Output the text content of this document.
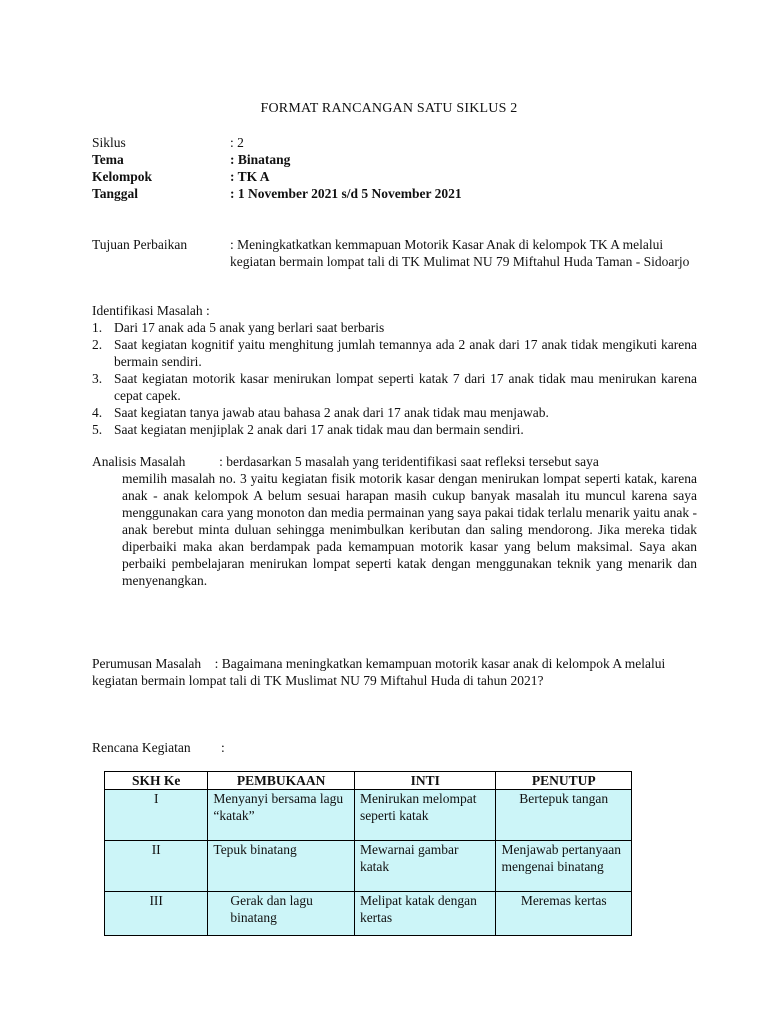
FORMAT RANCANGAN SATU SIKLUS 2
Siklus	: 2
Tema	: Binatang
Kelompok	: TK A
Tanggal	: 1 November 2021 s/d 5 November 2021
Tujuan Perbaikan	: Meningkatkatkan kemmapuan Motorik Kasar Anak di kelompok TK A melalui kegiatan bermain lompat tali di TK Mulimat NU 79 Miftahul Huda Taman - Sidoarjo
Identifikasi Masalah :
1. Dari 17 anak ada 5 anak yang berlari saat berbaris
2. Saat kegiatan kognitif yaitu menghitung jumlah temannya ada 2 anak dari 17 anak tidak mengikuti karena bermain sendiri.
3. Saat kegiatan motorik kasar menirukan lompat seperti katak 7 dari 17 anak tidak mau menirukan karena cepat capek.
4. Saat kegiatan tanya jawab atau bahasa 2 anak dari 17 anak tidak mau menjawab.
5. Saat kegiatan menjiplak 2 anak dari 17 anak tidak mau dan bermain sendiri.
Analisis Masalah	: berdasarkan 5 masalah yang teridentifikasi saat refleksi tersebut saya
memilih masalah no. 3 yaitu kegiatan fisik motorik kasar dengan menirukan lompat seperti katak, karena anak - anak kelompok A belum sesuai harapan masih cukup banyak masalah itu muncul karena saya menggunakan cara yang monoton dan media permainan yang saya pakai tidak terlalu menarik yaitu anak - anak berebut minta duluan sehingga menimbulkan keributan dan saling mendorong. Jika mereka tidak diperbaiki maka akan berdampak pada kemampuan motorik kasar yang belum maksimal. Saya akan perbaiki pembelajaran menirukan lompat seperti katak dengan menggunakan teknik yang menarik dan menyenangkan.
Perumusan Masalah : Bagaimana meningkatkan kemampuan motorik kasar anak di kelompok A melalui kegiatan bermain lompat tali di TK Muslimat NU 79 Miftahul Huda di tahun 2021?
Rencana Kegiatan :
SKH Ke	PEMBUKAAN	INTI	PENUTUP
I	Menyanyi bersama lagu “katak”	Menirukan melompat seperti katak	Bertepuk tangan
II	Tepuk binatang	Mewarnai gambar katak	Menjawab pertanyaan mengenai binatang
III	Gerak dan lagu binatang	Melipat katak dengan kertas	Meremas kertas
